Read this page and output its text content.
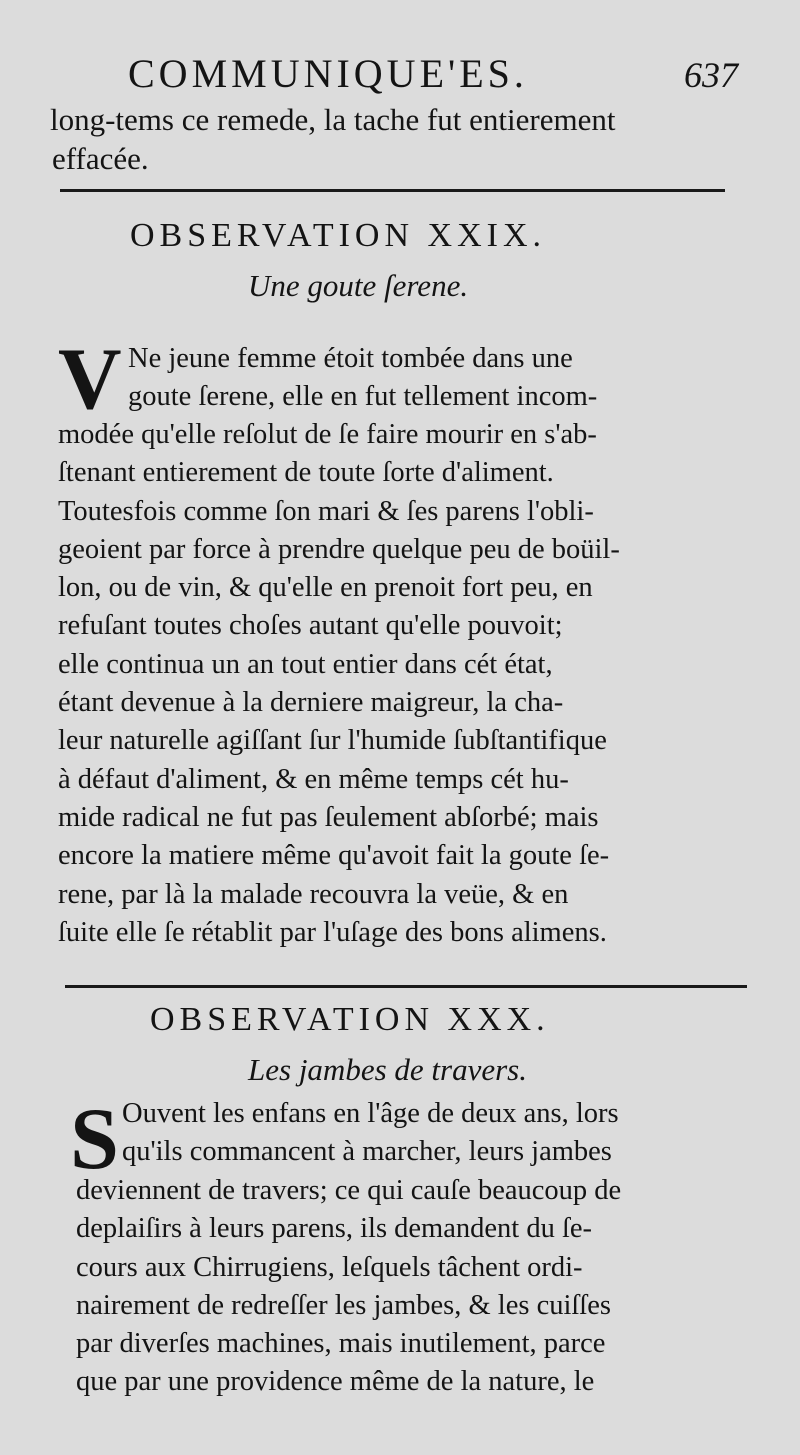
COMMUNIQUE'ES.	637
long-tems ce remede, la tache fut entierement
effacée.
OBSERVATION XXIX.
Une goute ſerene.
V Ne jeune femme étoit tombée dans une
goute ſerene, elle en fut tellement incom-
modée qu'elle reſolut de ſe faire mourir en s'ab-
ſtenant entierement de toute ſorte d'aliment.
Toutesfois comme ſon mari & ſes parens l'obli-
geoient par force à prendre quelque peu de boüil-
lon, ou de vin, & qu'elle en prenoit fort peu, en
refuſant toutes choſes autant qu'elle pouvoit;
elle continua un an tout entier dans cét état,
étant devenue à la derniere maigreur, la cha-
leur naturelle agiſſant ſur l'humide ſubſtantifique
à défaut d'aliment, & en même temps cét hu-
mide radical ne fut pas ſeulement abſorbé; mais
encore la matiere même qu'avoit fait la goute ſe-
rene, par là la malade recouvra la veüe, & en
ſuite elle ſe rétablit par l'uſage des bons alimens.
OBSERVATION XXX.
Les jambes de travers.
S Ouvent les enfans en l'âge de deux ans, lors
qu'ils commancent à marcher, leurs jambes
deviennent de travers; ce qui cauſe beaucoup de
deplaiſirs à leurs parens, ils demandent du ſe-
cours aux Chirrugiens, leſquels tâchent ordi-
nairement de redreſſer les jambes, & les cuiſſes
par diverſes machines, mais inutilement, parce
que par une providence même de la nature, le
